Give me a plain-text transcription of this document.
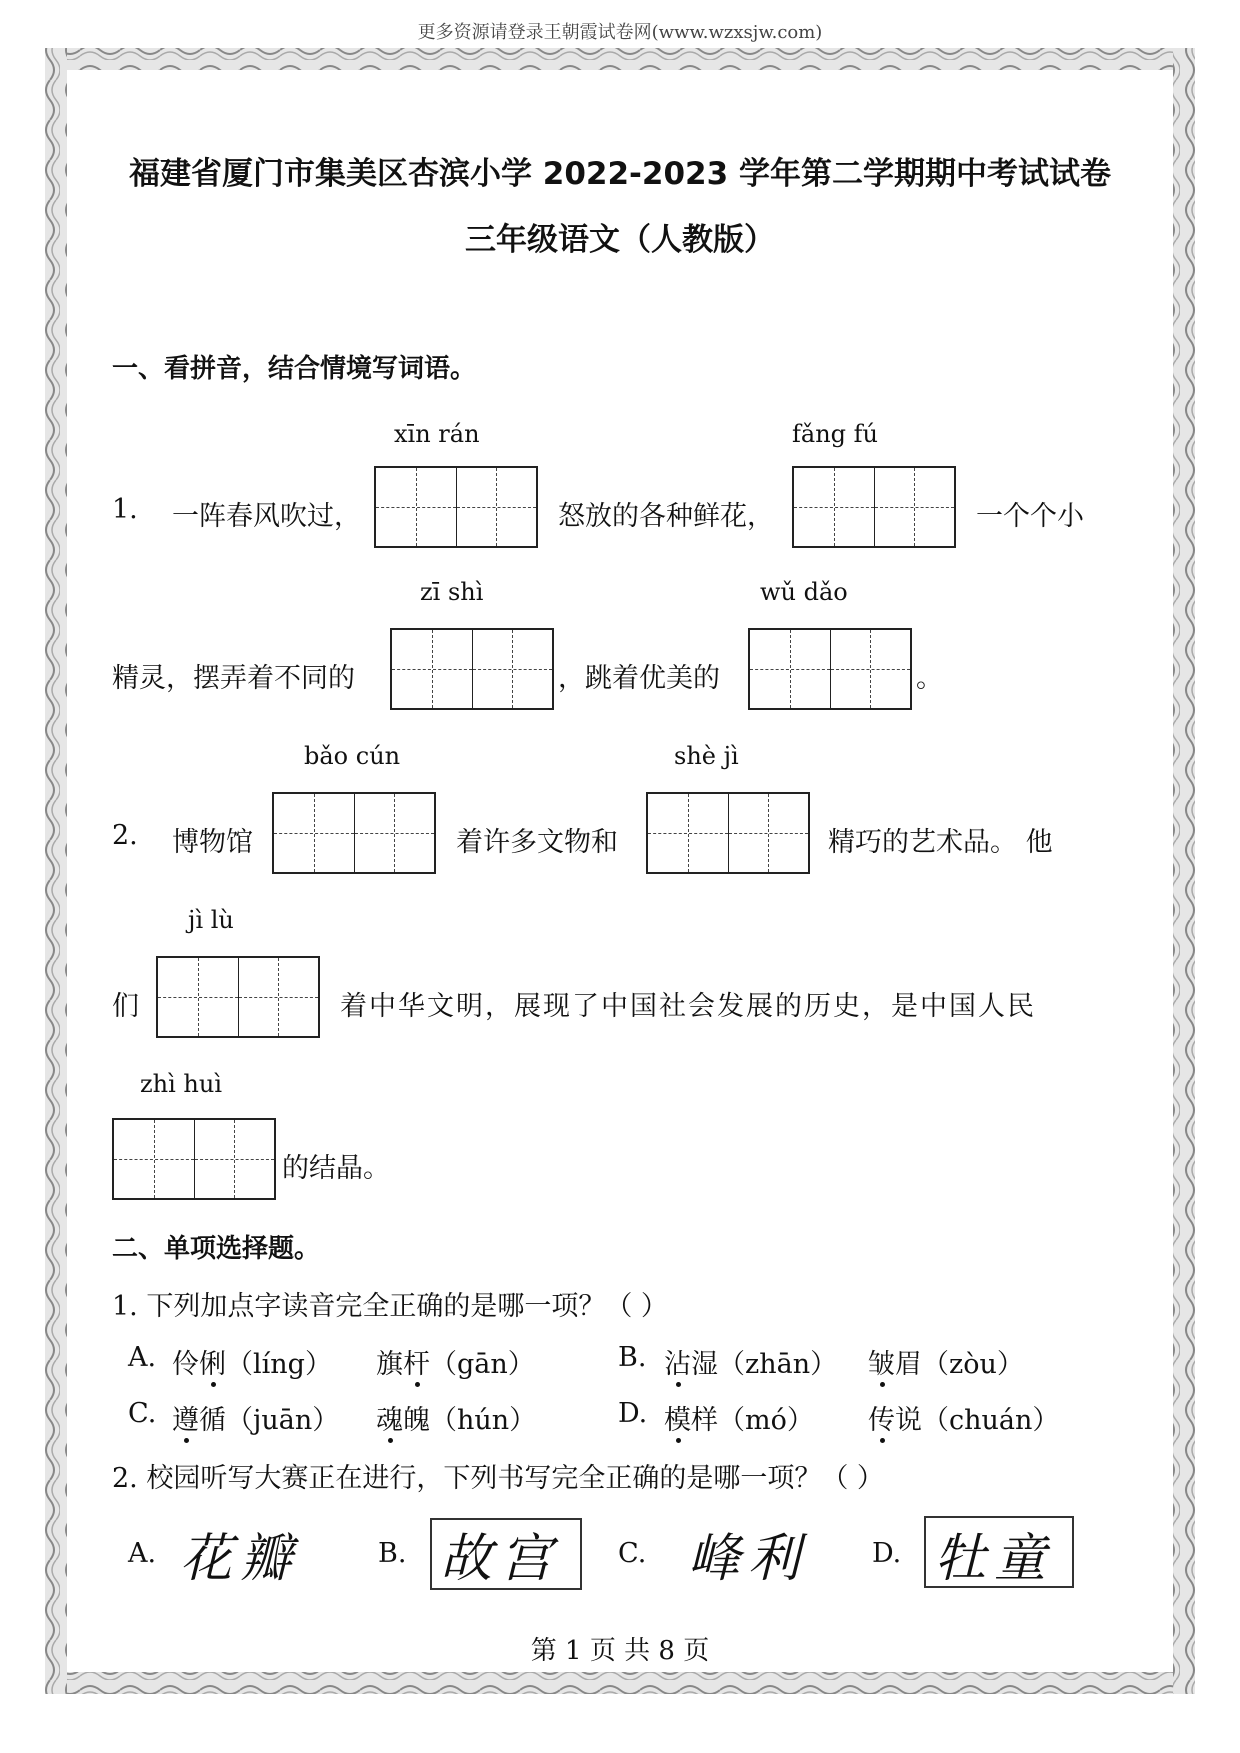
更多资源请登录王朝霞试卷网(www.wzxsjw.com)
福建省厦门市集美区杏滨小学 2022-2023 学年第二学期期中考试试卷
三年级语文（人教版）
一、看拼音，结合情境写词语。
xīn rán	fǎng fú
1. 一阵春风吹过，	怒放的各种鲜花，	一个个小
zī shì	wǔ dǎo
精灵，摆弄着不同的	，跳着优美的	。
bǎo cún	shè jì
2. 博物馆	着许多文物和	精巧的艺术品。 他
jì lù
们	着中华文明，展现了中国社会发展的历史，是中国人民
zhì huì
的结晶。
二、单项选择题。
1. 下列加点字读音完全正确的是哪一项？（ ）
A. 伶俐（líng） 旗杆（gān）	B. 沾湿（zhān） 皱眉（zòu）
C. 遵循（juān） 魂魄（hún）	D. 模样（mó） 传说（chuán）
2. 校园听写大赛正在进行，下列书写完全正确的是哪一项？（ ）
A. 花瓣	B. 故宫 C. 峰利 D. 牡童
第 1 页 共 8 页
